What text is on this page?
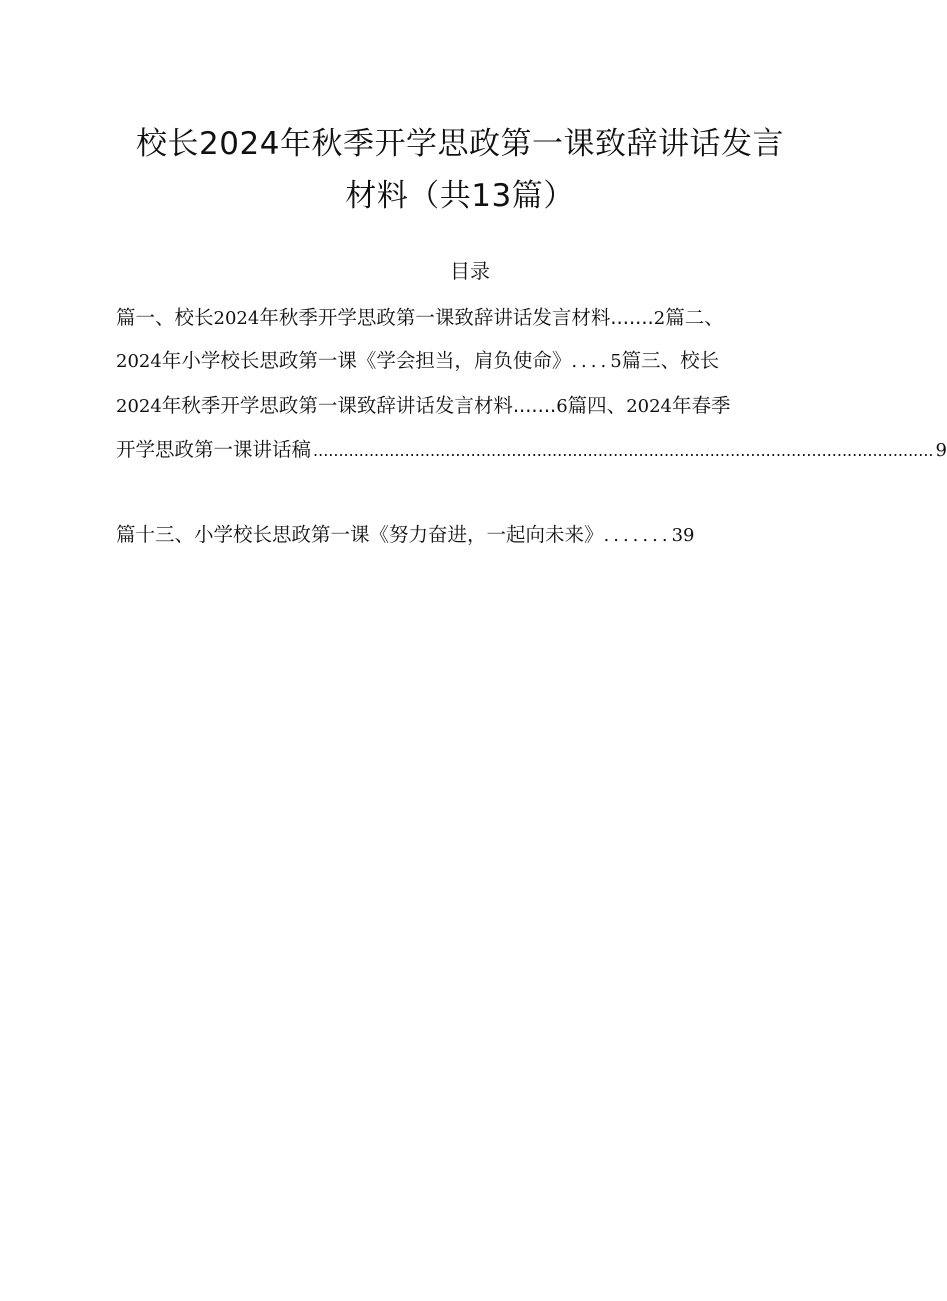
校长2024年秋季开学思政第一课致辞讲话发言
材料（共13篇）
目录
篇一、校长2024年秋季开学思政第一课致辞讲话发言材料.......2篇二、
2024年小学校长思政第一课《学会担当，肩负使命》....5篇三、校长
2024年秋季开学思政第一课致辞讲话发言材料.......6篇四、2024年春季
开学思政第一课讲话稿 .......................................................................................................................... 9
篇十三、小学校长思政第一课《努力奋进，一起向未来》.......39
